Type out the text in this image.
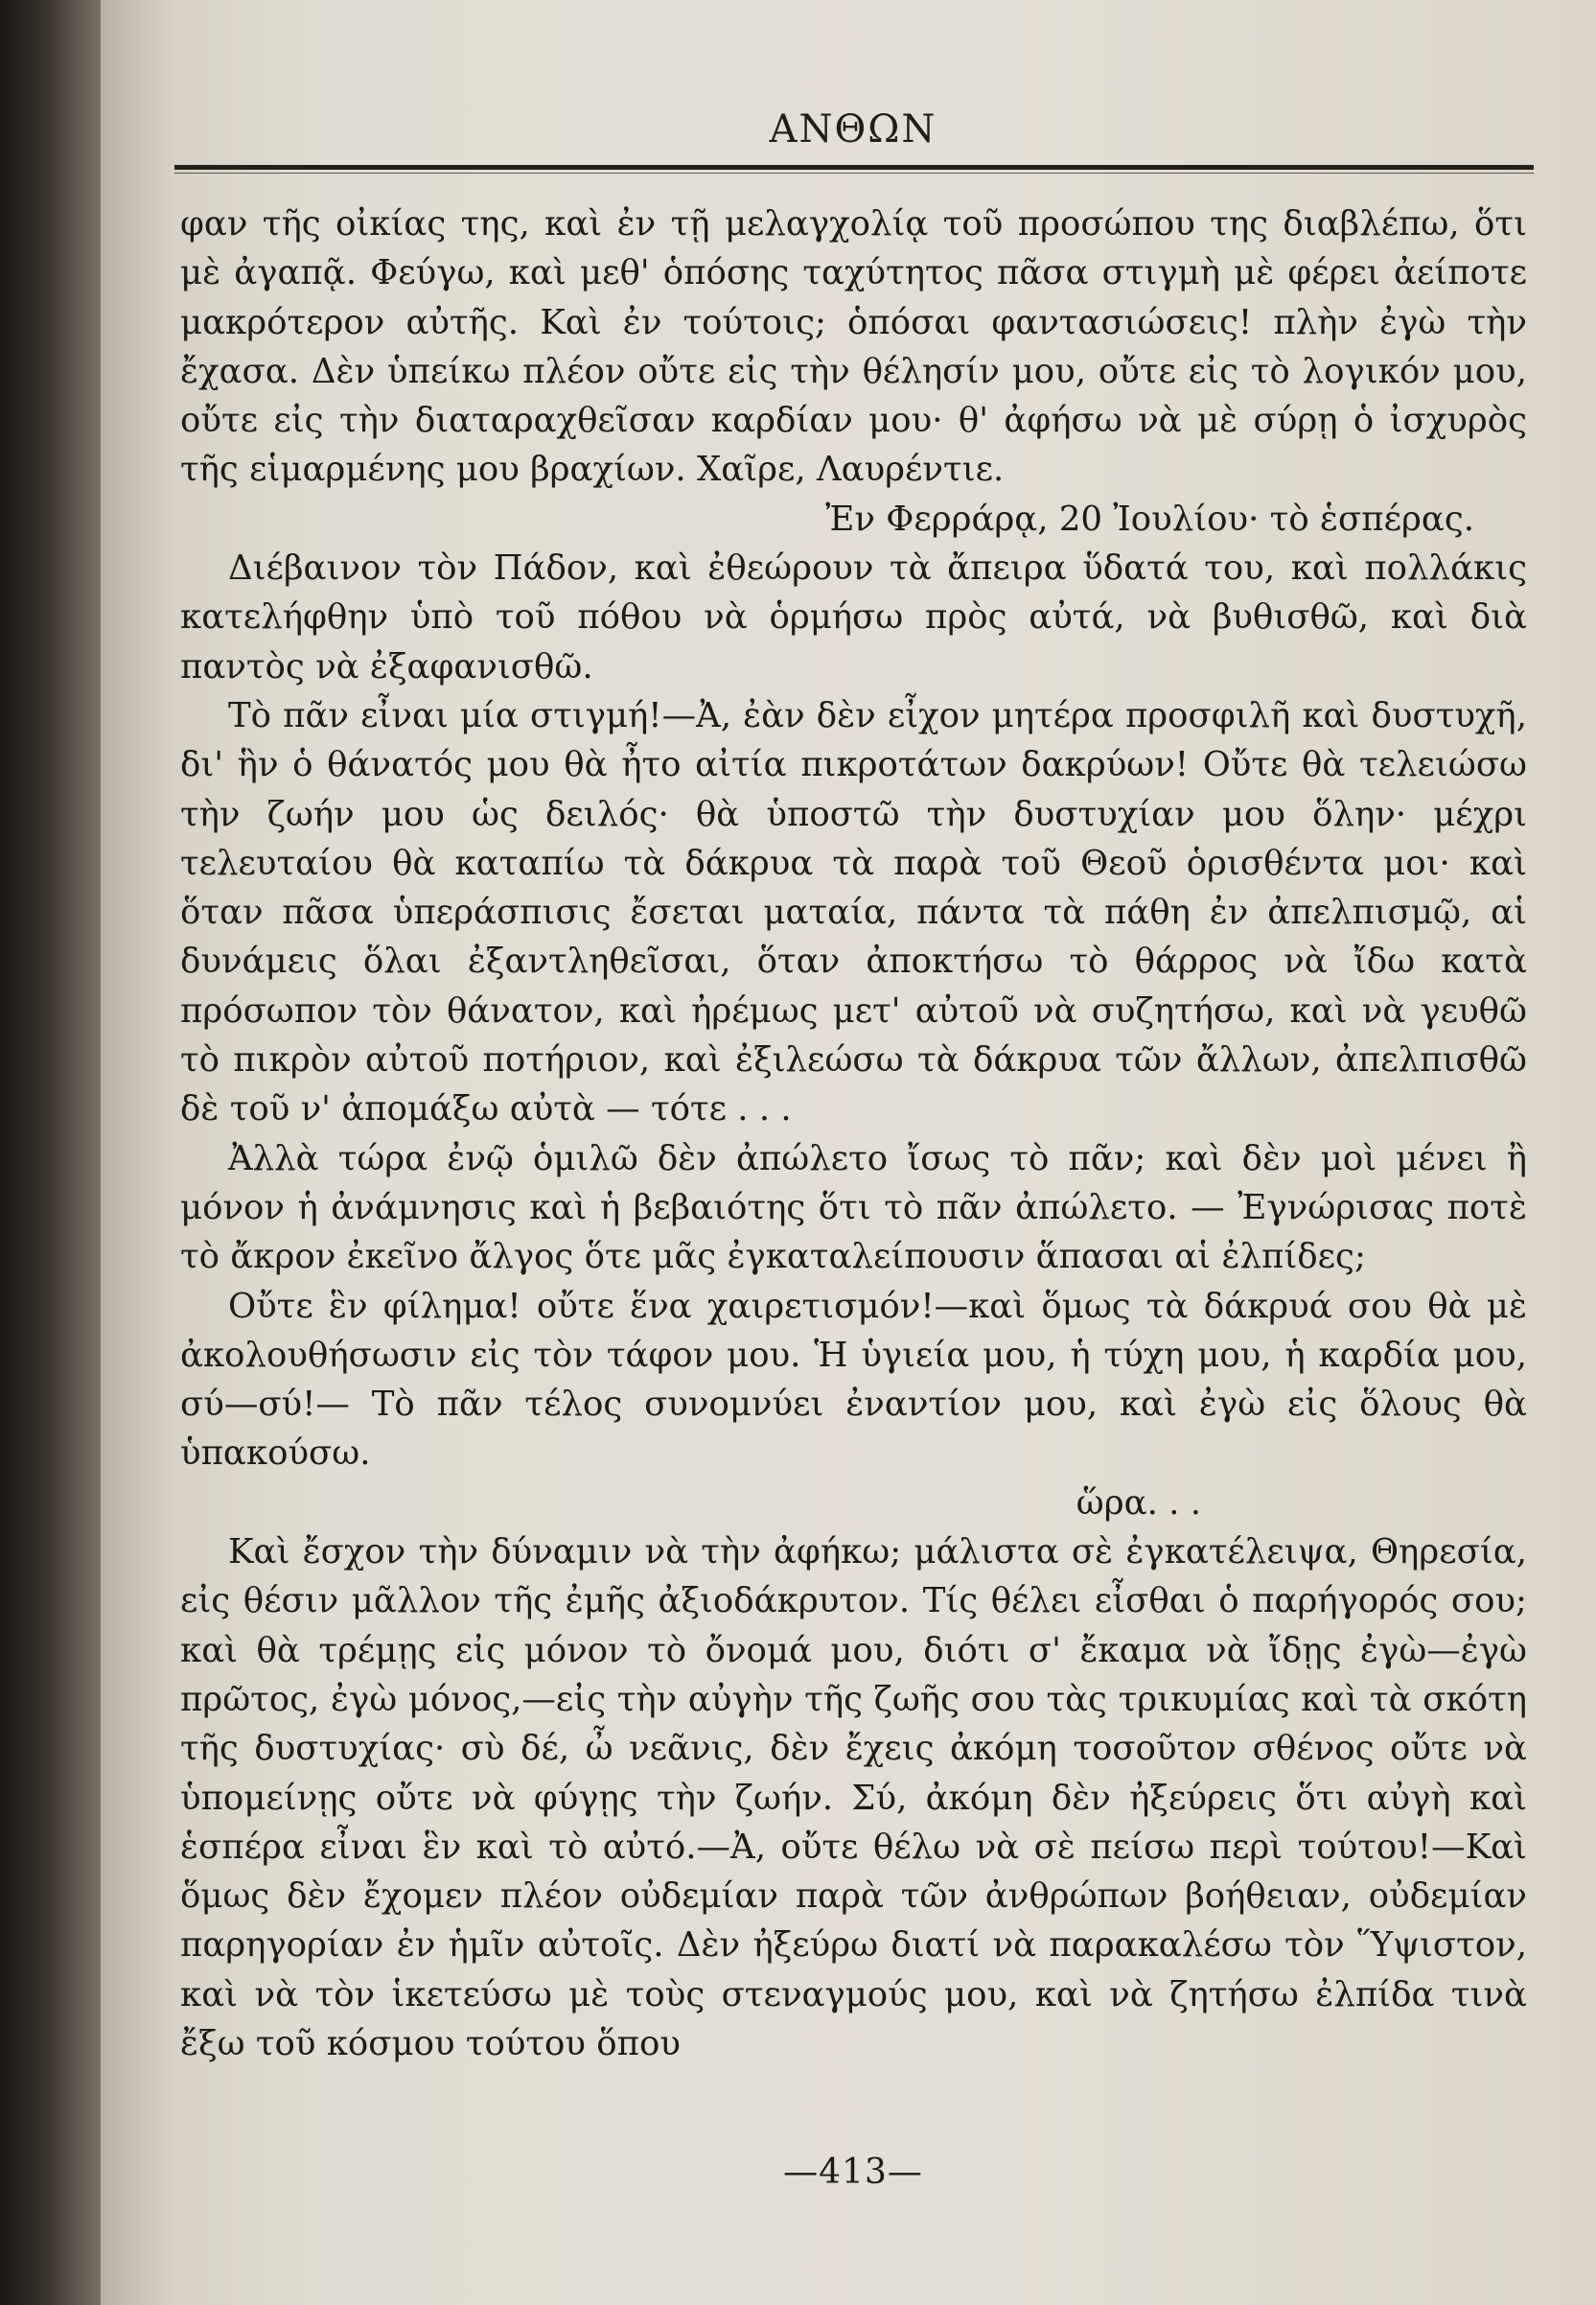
ΑΝΘΩΝ

φαν τῆς οἰκίας της, καὶ ἐν τῇ μελαγχολίᾳ τοῦ προσώπου της διαβλέπω, ὅτι μὲ ἀγαπᾷ. Φεύγω, καὶ μεθ' ὁπόσης ταχύτητος πᾶσα στιγμὴ μὲ φέρει ἀείποτε μακρότερον αὐτῆς. Καὶ ἐν τούτοις; ὁπόσαι φαντασιώσεις! πλὴν ἐγὼ τὴν ἔχασα. Δὲν ὑπείκω πλέον οὔτε εἰς τὴν θέλησίν μου, οὔτε εἰς τὸ λογικόν μου, οὔτε εἰς τὴν διαταραχθεῖσαν καρδίαν μου· θ' ἀφήσω νὰ μὲ σύρῃ ὁ ἰσχυρὸς τῆς εἱμαρμένης μου βραχίων. Χαῖρε, Λαυρέντιε.

Ἐν Φερράρᾳ, 20 Ἰουλίου· τὸ ἑσπέρας.

Διέβαινον τὸν Πάδον, καὶ ἐθεώρουν τὰ ἄπειρα ὕδατά του, καὶ πολλάκις κατελήφθην ὑπὸ τοῦ πόθου νὰ ὁρμήσω πρὸς αὐτά, νὰ βυθισθῶ, καὶ διὰ παντὸς νὰ ἐξαφανισθῶ.

Τὸ πᾶν εἶναι μία στιγμή!—Ἀ, ἐὰν δὲν εἶχον μητέρα προσφιλῆ καὶ δυστυχῆ, δι' ἣν ὁ θάνατός μου θὰ ἦτο αἰτία πικροτάτων δακρύων! Οὔτε θὰ τελειώσω τὴν ζωήν μου ὡς δειλός· θὰ ὑποστῶ τὴν δυστυχίαν μου ὅλην· μέχρι τελευταίου θὰ καταπίω τὰ δάκρυα τὰ παρὰ τοῦ Θεοῦ ὁρισθέντα μοι· καὶ ὅταν πᾶσα ὑπεράσπισις ἔσεται ματαία, πάντα τὰ πάθη ἐν ἀπελπισμῷ, αἱ δυνάμεις ὅλαι ἐξαντληθεῖσαι, ὅταν ἀποκτήσω τὸ θάρρος νὰ ἴδω κατὰ πρόσωπον τὸν θάνατον, καὶ ἠρέμως μετ' αὐτοῦ νὰ συζητήσω, καὶ νὰ γευθῶ τὸ πικρὸν αὐτοῦ ποτήριον, καὶ ἐξιλεώσω τὰ δάκρυα τῶν ἄλλων, ἀπελπισθῶ δὲ τοῦ ν' ἀπομάξω αὐτὰ — τότε . . .

Ἀλλὰ τώρα ἐνῷ ὁμιλῶ δὲν ἀπώλετο ἴσως τὸ πᾶν; καὶ δὲν μοὶ μένει ἢ μόνον ἡ ἀνάμνησις καὶ ἡ βεβαιότης ὅτι τὸ πᾶν ἀπώλετο. — Ἐγνώρισας ποτὲ τὸ ἄκρον ἐκεῖνο ἄλγος ὅτε μᾶς ἐγκαταλείπουσιν ἅπασαι αἱ ἐλπίδες;

Οὔτε ἓν φίλημα! οὔτε ἕνα χαιρετισμόν!—καὶ ὅμως τὰ δάκρυά σου θὰ μὲ ἀκολουθήσωσιν εἰς τὸν τάφον μου. Ἡ ὑγιεία μου, ἡ τύχη μου, ἡ καρδία μου, σύ—σύ!— Τὸ πᾶν τέλος συνομνύει ἐναντίον μου, καὶ ἐγὼ εἰς ὅλους θὰ ὑπακούσω.

ὥρα. . .

Καὶ ἔσχον τὴν δύναμιν νὰ τὴν ἀφήκω; μάλιστα σὲ ἐγκατέλειψα, Θηρεσία, εἰς θέσιν μᾶλλον τῆς ἐμῆς ἀξιοδάκρυτον. Τίς θέλει εἶσθαι ὁ παρήγορός σου; καὶ θὰ τρέμῃς εἰς μόνον τὸ ὄνομά μου, διότι σ' ἔκαμα νὰ ἴδῃς ἐγὼ—ἐγὼ πρῶτος, ἐγὼ μόνος,—εἰς τὴν αὐγὴν τῆς ζωῆς σου τὰς τρικυμίας καὶ τὰ σκότη τῆς δυστυχίας· σὺ δέ, ὦ νεᾶνις, δὲν ἔχεις ἀκόμη τοσοῦτον σθένος οὔτε νὰ ὑπομείνῃς οὔτε νὰ φύγῃς τὴν ζωήν. Σύ, ἀκόμη δὲν ἠξεύρεις ὅτι αὐγὴ καὶ ἑσπέρα εἶναι ἓν καὶ τὸ αὐτό.—Ἀ, οὔτε θέλω νὰ σὲ πείσω περὶ τούτου!—Καὶ ὅμως δὲν ἔχομεν πλέον οὐδεμίαν παρὰ τῶν ἀνθρώπων βοήθειαν, οὐδεμίαν παρηγορίαν ἐν ἡμῖν αὐτοῖς. Δὲν ἠξεύρω διατί νὰ παρακαλέσω τὸν Ὕψιστον, καὶ νὰ τὸν ἱκετεύσω μὲ τοὺς στεναγμούς μου, καὶ νὰ ζητήσω ἐλπίδα τινὰ ἔξω τοῦ κόσμου τούτου ὅπου

—413—
